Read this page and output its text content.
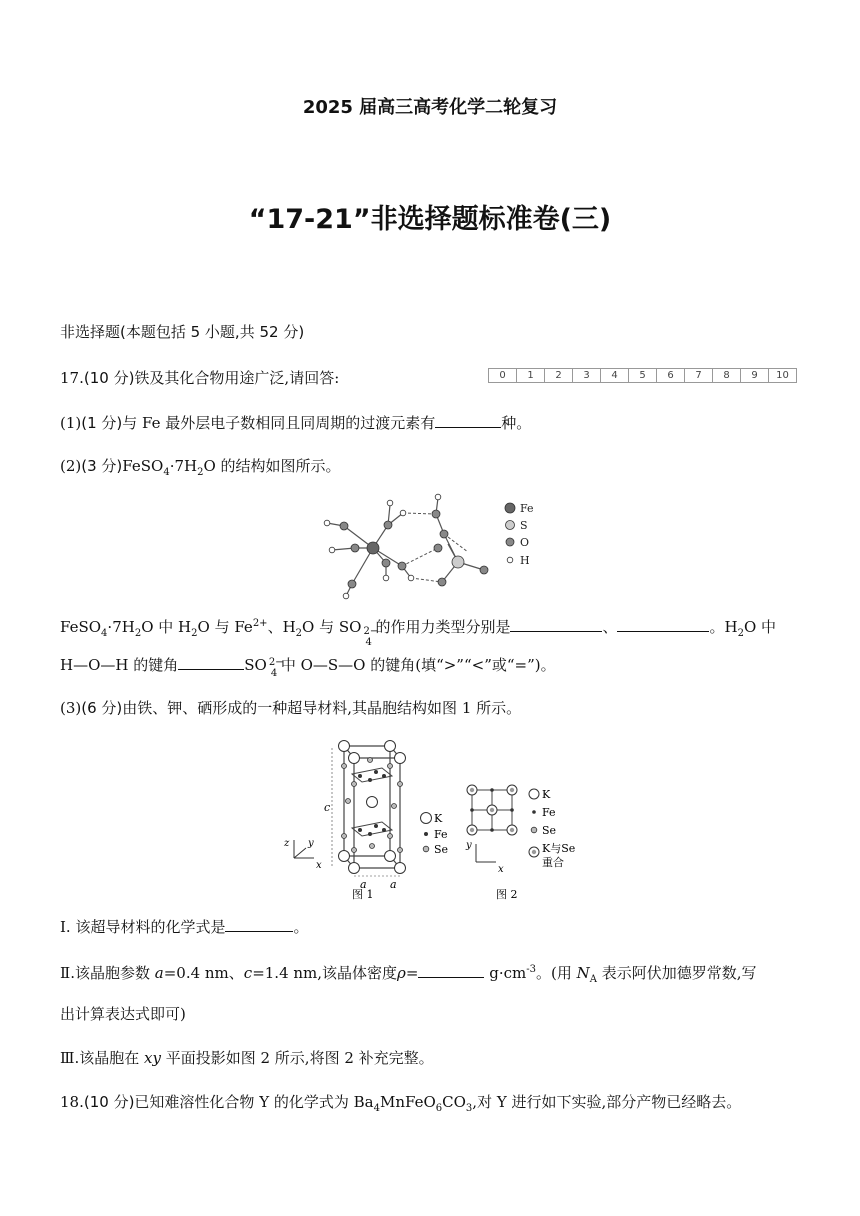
2025 届高三高考化学二轮复习
“17-21”非选择题标准卷(三)
非选择题(本题包括 5 小题,共 52 分)
17.(10 分)铁及其化合物用途广泛,请回答:	0	1	2	3	4	5	6	7	8	9	10
(1)(1 分)与 Fe 最外层电子数相同且同周期的过渡元素有	种。
(2)(3 分)$FeSO_4\cdot 7H_2O$ 的结构如图所示。
Fe
S
O
H
$FeSO_4\cdot 7H_2O$ 中 $H_2O$ 与 $Fe^{2+}$、$H_2O$ 与 SO 2−
4
的作用力类型分别是	、	。$H_2O$ 中
H—O—H 的键角	SO 2−
4 中 O—S—O 的键角(填“>”“<”或“=”)。
(3)(6 分)由铁、钾、硒形成的一种超导材料,其晶胞结构如图 1 所示。
c
a a
z y
x
K
Fe
Se
图 1
y
x
K
Fe
Se
K与Se
重合
图 2
Ⅰ. 该超导材料的化学式是	。
Ⅱ.该晶胞参数 a=0.4 nm、c=1.4 nm,该晶体密度ρ=	$g\cdot cm^{-3}$。(用 $N_A$ 表示阿伏加德罗常数,写
出计算表达式即可)
Ⅲ.该晶胞在 xy 平面投影如图 2 所示,将图 2 补充完整。
18.(10 分)已知难溶性化合物 Y 的化学式为 $Ba_4MnFeO_6CO_3$,对 Y 进行如下实验,部分产物已经略去。
